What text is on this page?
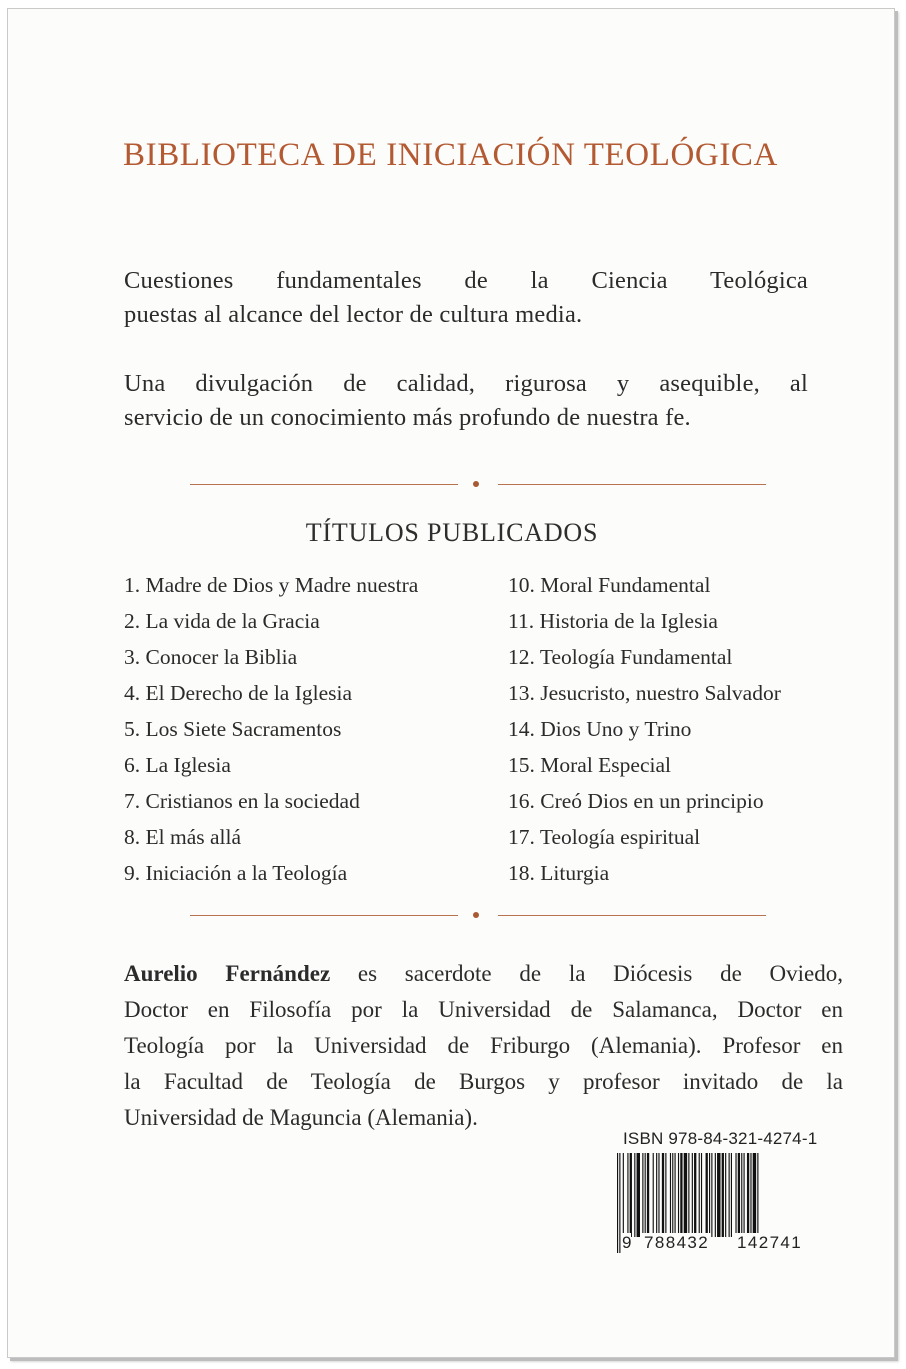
BIBLIOTECA DE INICIACIÓN TEOLÓGICA
Cuestiones fundamentales de la Ciencia Teológica
puestas al alcance del lector de cultura media.
Una divulgación de calidad, rigurosa y asequible, al
servicio de un conocimiento más profundo de nuestra fe.
TÍTULOS PUBLICADOS
1. Madre de Dios y Madre nuestra
2. La vida de la Gracia
3. Conocer la Biblia
4. El Derecho de la Iglesia
5. Los Siete Sacramentos
6. La Iglesia
7. Cristianos en la sociedad
8. El más allá
9. Iniciación a la Teología
10. Moral Fundamental
11. Historia de la Iglesia
12. Teología Fundamental
13. Jesucristo, nuestro Salvador
14. Dios Uno y Trino
15. Moral Especial
16. Creó Dios en un principio
17. Teología espiritual
18. Liturgia
Aurelio Fernández es sacerdote de la Diócesis de Oviedo,
Doctor en Filosofía por la Universidad de Salamanca, Doctor en
Teología por la Universidad de Friburgo (Alemania). Profesor en
la Facultad de Teología de Burgos y profesor invitado de la
Universidad de Maguncia (Alemania).
ISBN 978-84-321-4274-1
9 788432 142741
